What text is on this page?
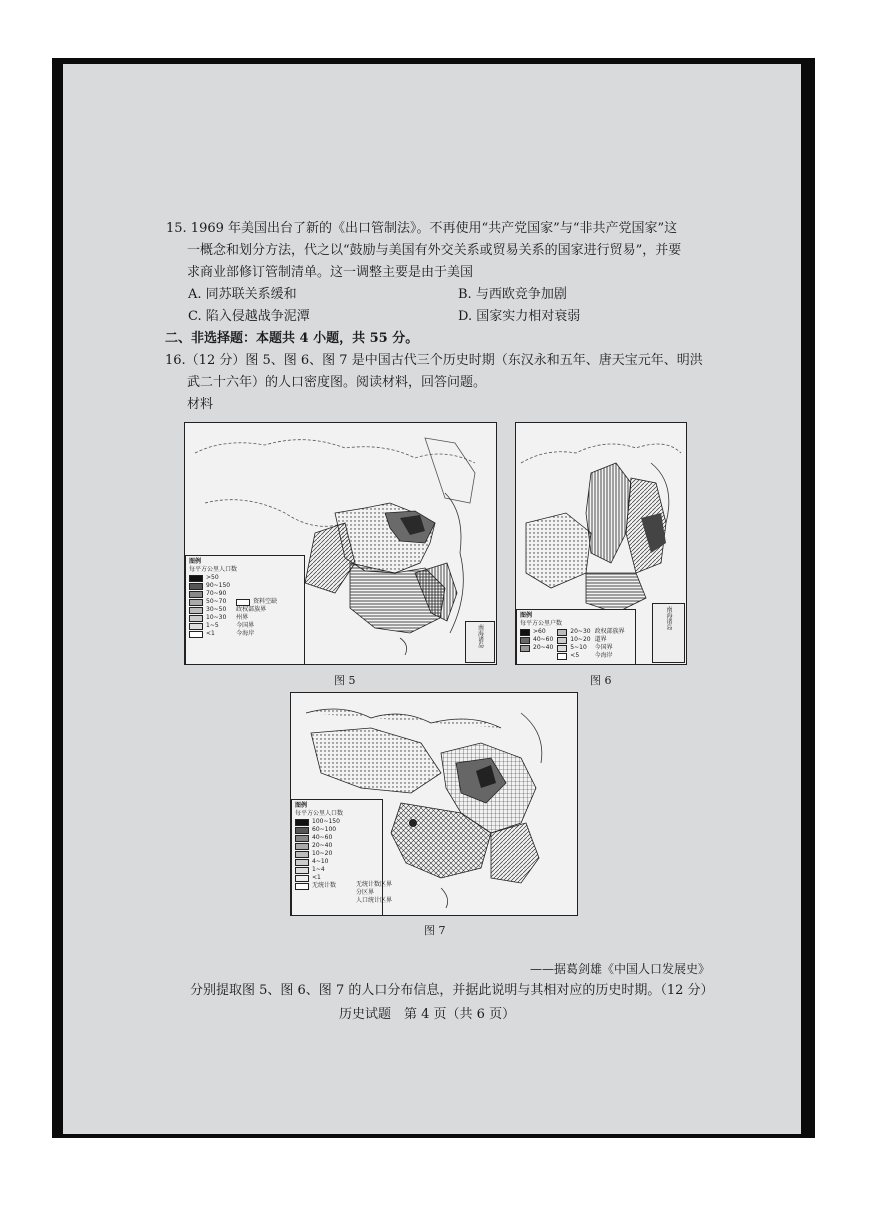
15. 1969 年美国出台了新的《出口管制法》。不再使用“共产党国家”与“非共产党国家”这
一概念和划分方法，代之以“鼓励与美国有外交关系或贸易关系的国家进行贸易”，并要
求商业部修订管制清单。这一调整主要是由于美国
A. 同苏联关系缓和	B. 与西欧竞争加剧
C. 陷入侵越战争泥潭	D. 国家实力相对衰弱
二、非选择题：本题共 4 小题，共 55 分。
16.（12 分）图 5、图 6、图 7 是中国古代三个历史时期（东汉永和五年、唐天宝元年、明洪
武二十六年）的人口密度图。阅读材料，回答问题。
材料
图例
每平方公里人口数
>50
90~150
70~90
50~70
30~50
10~30
1~5
<1
资料空缺
政权部族界
州界
今国界
今海岸	南海诸岛
图例
每平方公里户数
>60
40~60
20~40
20~30
10~20
5~10
<5
政权部族界
道界
今国界
今海岸
南海诸岛
图 5	图 6
图例
每平方公里人口数
100~150
60~100
40~60
20~40
10~20
4~10
1~4
<1
无统计数	无统计数区界
分区界
人口统计区界
图 7
——据葛剑雄《中国人口发展史》
分别提取图 5、图 6、图 7 的人口分布信息，并据此说明与其相对应的历史时期。（12 分）
历史试题　第 4 页（共 6 页）
